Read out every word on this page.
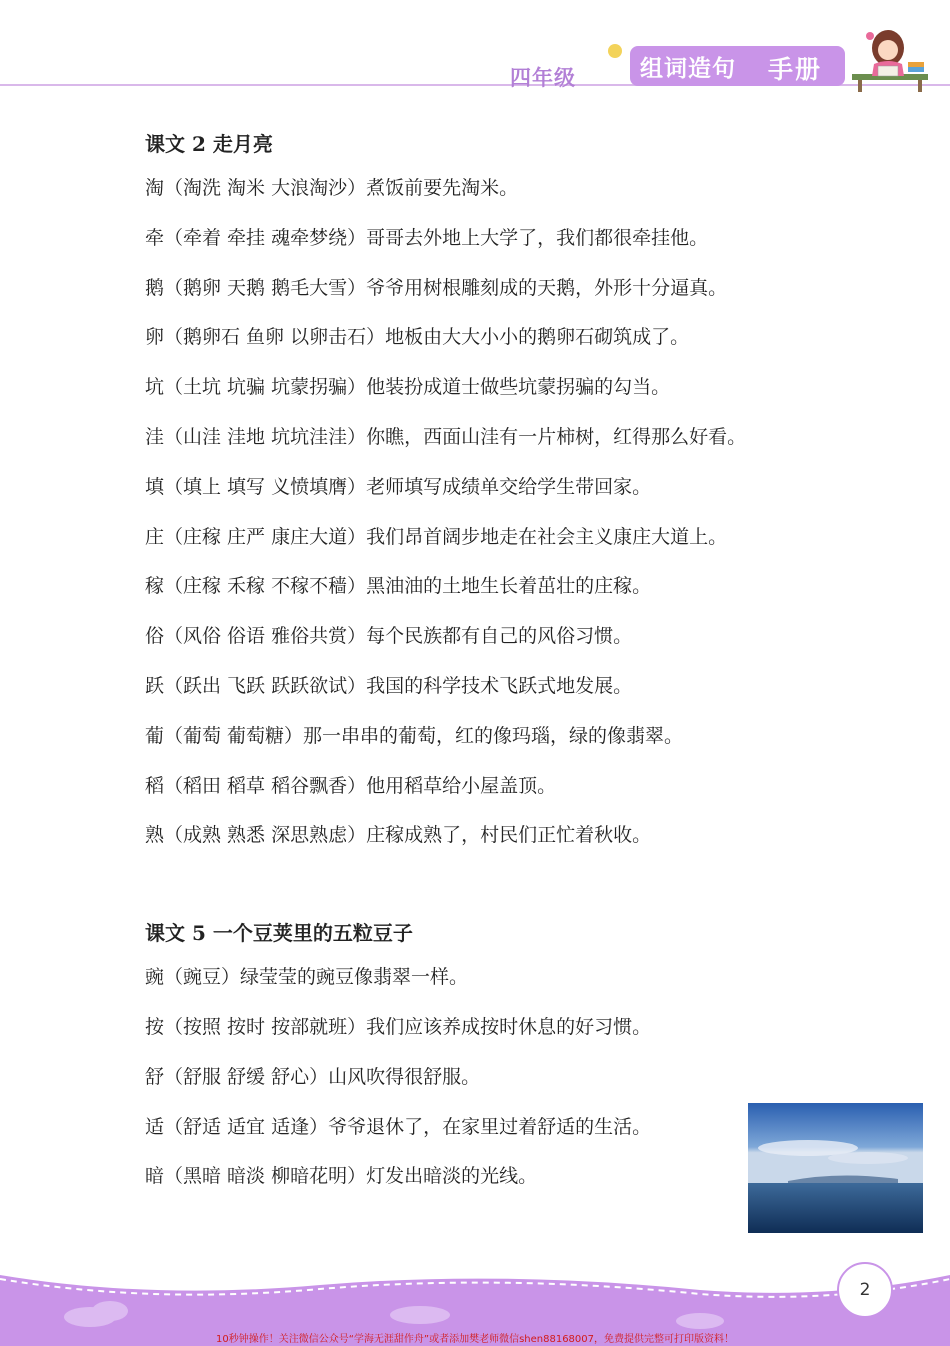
四年级	组词造句 手册
课文 2 走月亮

淘（淘洗 淘米 大浪淘沙）煮饭前要先淘米。

牵（牵着 牵挂 魂牵梦绕）哥哥去外地上大学了，我们都很牵挂他。

鹅（鹅卵 天鹅 鹅毛大雪）爷爷用树根雕刻成的天鹅，外形十分逼真。

卵（鹅卵石 鱼卵 以卵击石）地板由大大小小的鹅卵石砌筑成了。

坑（土坑 坑骗 坑蒙拐骗）他装扮成道士做些坑蒙拐骗的勾当。

洼（山洼 洼地 坑坑洼洼）你瞧，西面山洼有一片柿树，红得那么好看。

填（填上 填写 义愤填膺）老师填写成绩单交给学生带回家。

庄（庄稼 庄严 康庄大道）我们昂首阔步地走在社会主义康庄大道上。

稼（庄稼 禾稼 不稼不穑）黑油油的土地生长着茁壮的庄稼。

俗（风俗 俗语 雅俗共赏）每个民族都有自己的风俗习惯。

跃（跃出 飞跃 跃跃欲试）我国的科学技术飞跃式地发展。

葡（葡萄 葡萄糖）那一串串的葡萄，红的像玛瑙，绿的像翡翠。

稻（稻田 稻草 稻谷飘香）他用稻草给小屋盖顶。

熟（成熟 熟悉 深思熟虑）庄稼成熟了，村民们正忙着秋收。

课文 5 一个豆荚里的五粒豆子

豌（豌豆）绿莹莹的豌豆像翡翠一样。

按（按照 按时 按部就班）我们应该养成按时休息的好习惯。

舒（舒服 舒缓 舒心）山风吹得很舒服。

适（舒适 适宜 适逢）爷爷退休了，在家里过着舒适的生活。

暗（黑暗 暗淡 柳暗花明）灯发出暗淡的光线。

2
10秒钟操作！关注微信公众号“学海无涯甜作舟”或者添加樊老师微信shen88168007，免费提供完整可打印版资料！
